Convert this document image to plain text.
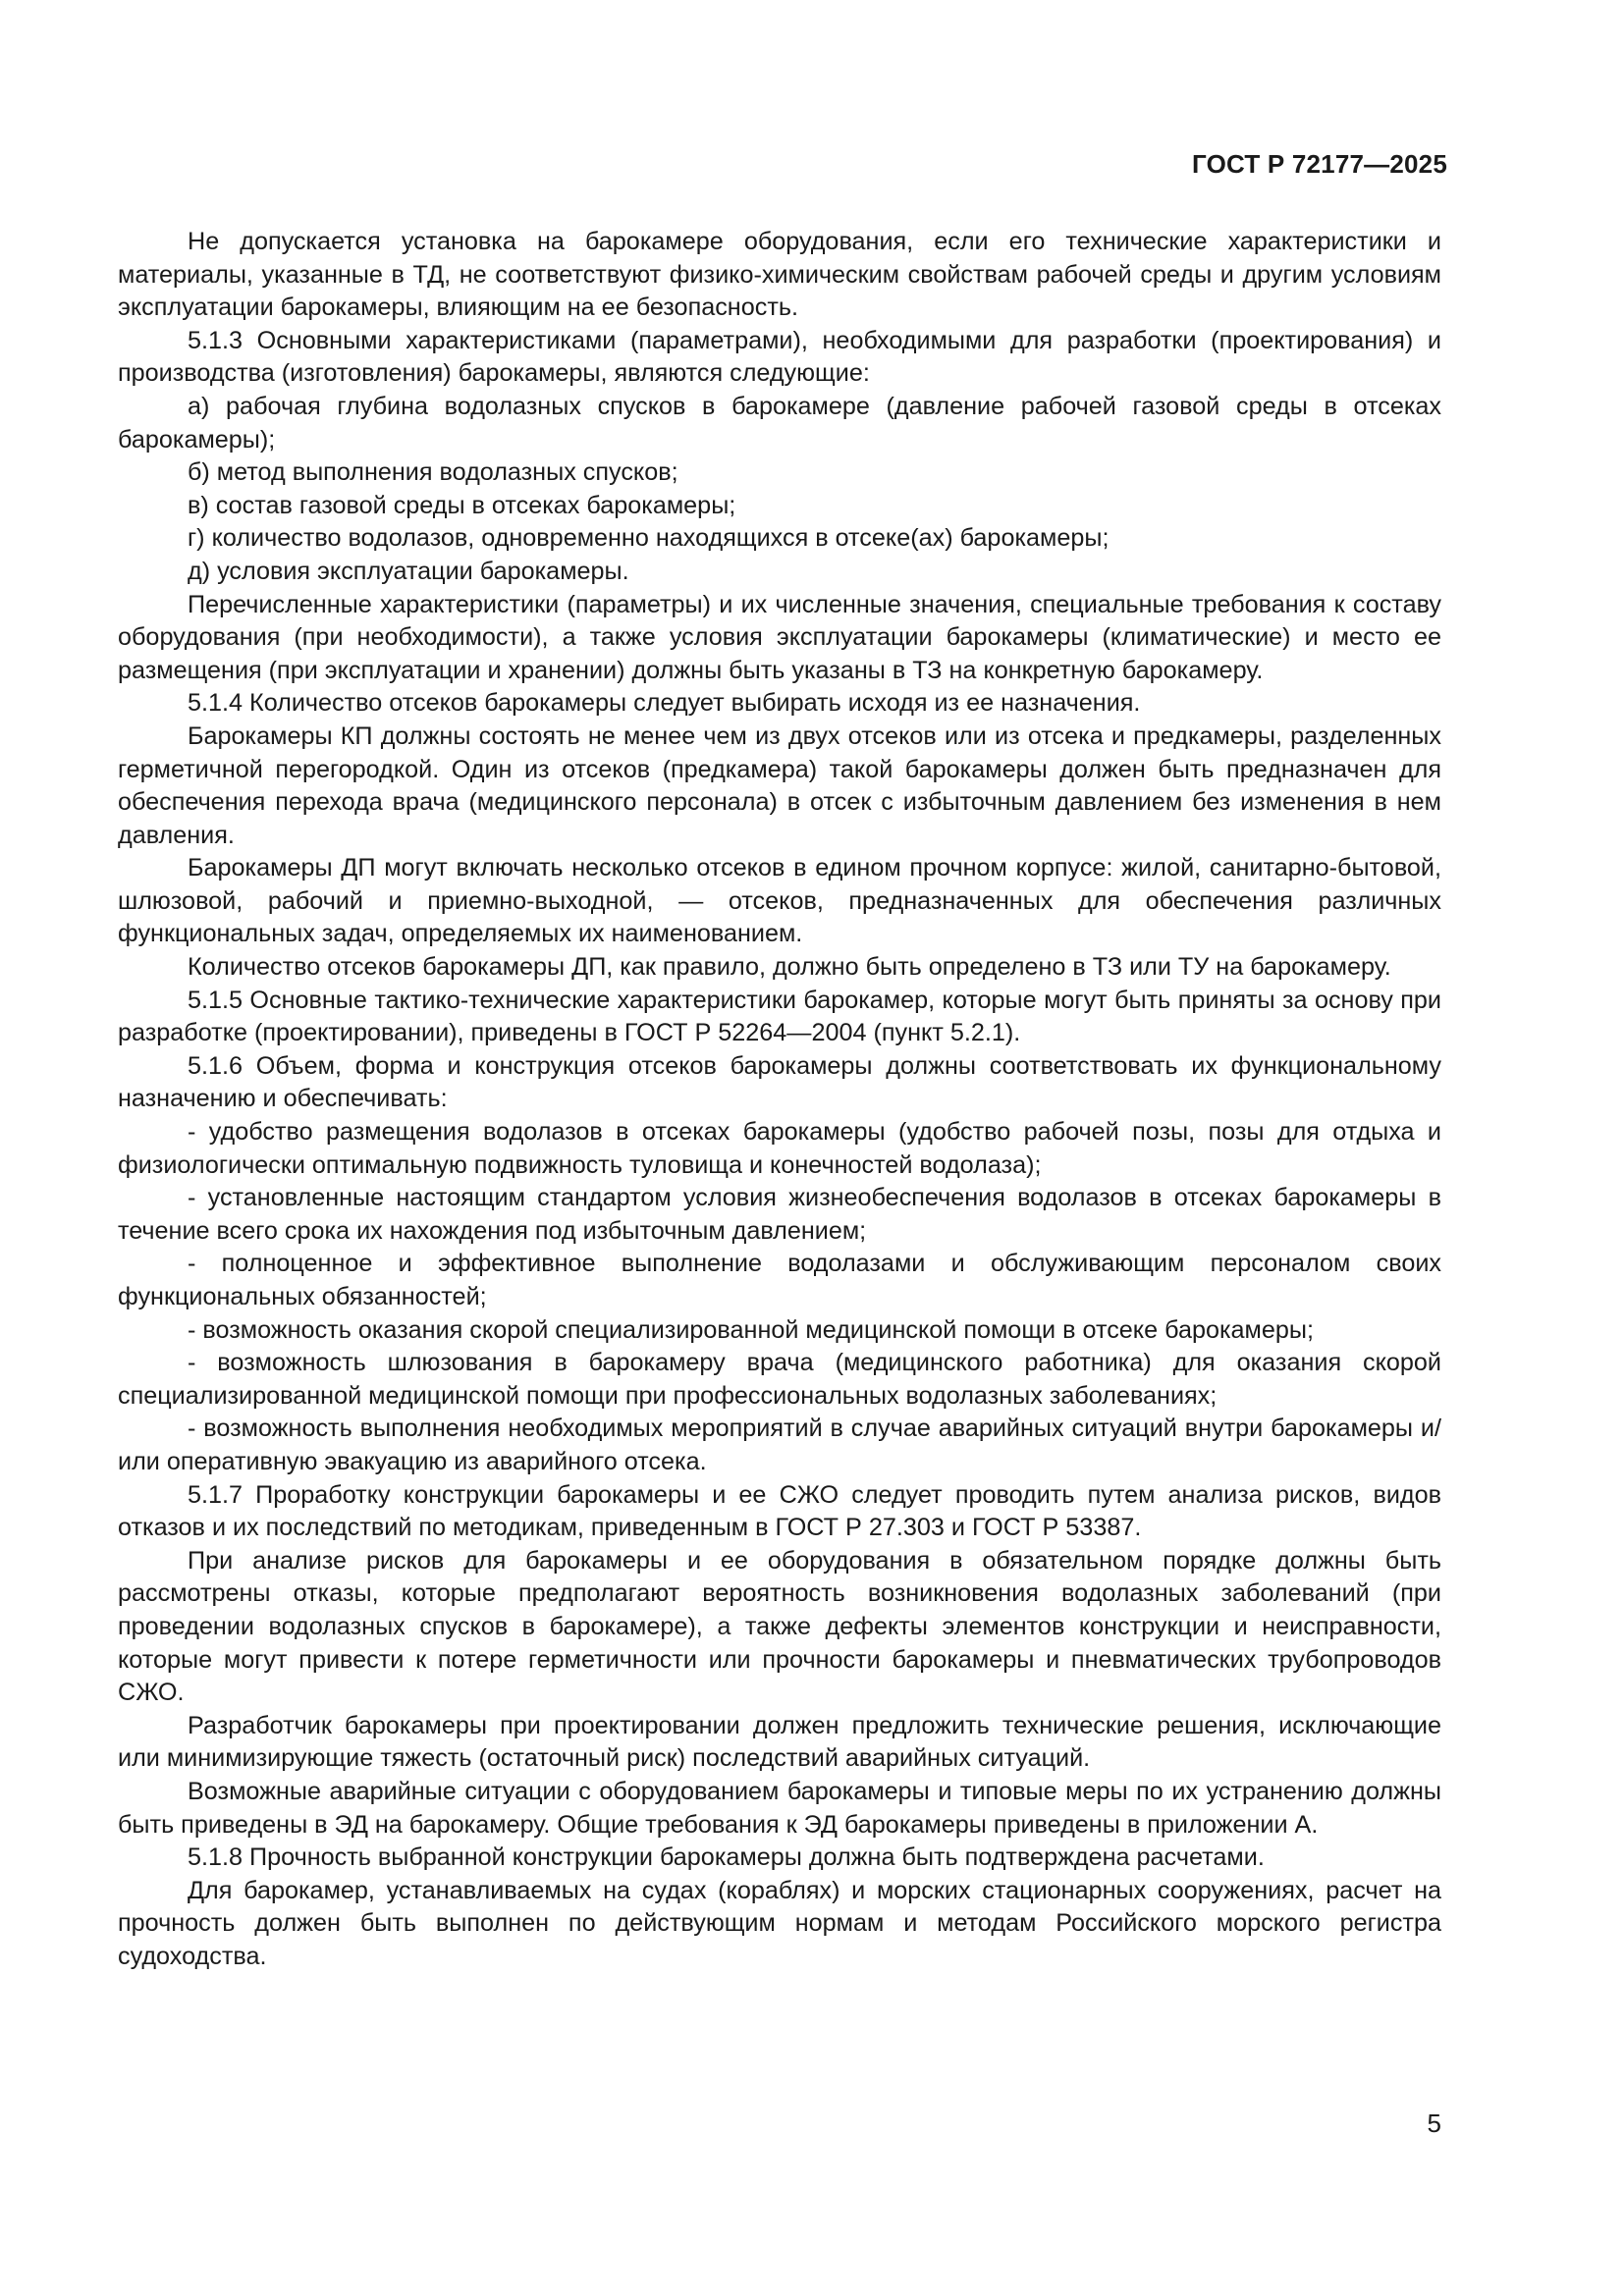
ГОСТ Р 72177—2025

Не допускается установка на барокамере оборудования, если его технические характеристики и материалы, указанные в ТД, не соответствуют физико-химическим свойствам рабочей среды и другим условиям эксплуатации барокамеры, влияющим на ее безопасность.

5.1.3 Основными характеристиками (параметрами), необходимыми для разработки (проектирования) и производства (изготовления) барокамеры, являются следующие:

а) рабочая глубина водолазных спусков в барокамере (давление рабочей газовой среды в отсеках барокамеры);

б) метод выполнения водолазных спусков;

в) состав газовой среды в отсеках барокамеры;

г) количество водолазов, одновременно находящихся в отсеке(ах) барокамеры;

д) условия эксплуатации барокамеры.

Перечисленные характеристики (параметры) и их численные значения, специальные требования к составу оборудования (при необходимости), а также условия эксплуатации барокамеры (климатические) и место ее размещения (при эксплуатации и хранении) должны быть указаны в ТЗ на конкретную барокамеру.

5.1.4 Количество отсеков барокамеры следует выбирать исходя из ее назначения.

Барокамеры КП должны состоять не менее чем из двух отсеков или из отсека и предкамеры, разделенных герметичной перегородкой. Один из отсеков (предкамера) такой барокамеры должен быть предназначен для обеспечения перехода врача (медицинского персонала) в отсек с избыточным давлением без изменения в нем давления.

Барокамеры ДП могут включать несколько отсеков в едином прочном корпусе: жилой, санитарно-бытовой, шлюзовой, рабочий и приемно-выходной, — отсеков, предназначенных для обеспечения различных функциональных задач, определяемых их наименованием.

Количество отсеков барокамеры ДП, как правило, должно быть определено в ТЗ или ТУ на барокамеру.

5.1.5 Основные тактико-технические характеристики барокамер, которые могут быть приняты за основу при разработке (проектировании), приведены в ГОСТ Р 52264—2004 (пункт 5.2.1).

5.1.6 Объем, форма и конструкция отсеков барокамеры должны соответствовать их функциональному назначению и обеспечивать:

- удобство размещения водолазов в отсеках барокамеры (удобство рабочей позы, позы для отдыха и физиологически оптимальную подвижность туловища и конечностей водолаза);

- установленные настоящим стандартом условия жизнеобеспечения водолазов в отсеках барокамеры в течение всего срока их нахождения под избыточным давлением;

- полноценное и эффективное выполнение водолазами и обслуживающим персоналом своих функциональных обязанностей;

- возможность оказания скорой специализированной медицинской помощи в отсеке барокамеры;

- возможность шлюзования в барокамеру врача (медицинского работника) для оказания скорой специализированной медицинской помощи при профессиональных водолазных заболеваниях;

- возможность выполнения необходимых мероприятий в случае аварийных ситуаций внутри барокамеры и/или оперативную эвакуацию из аварийного отсека.

5.1.7 Проработку конструкции барокамеры и ее СЖО следует проводить путем анализа рисков, видов отказов и их последствий по методикам, приведенным в ГОСТ Р 27.303 и ГОСТ Р 53387.

При анализе рисков для барокамеры и ее оборудования в обязательном порядке должны быть рассмотрены отказы, которые предполагают вероятность возникновения водолазных заболеваний (при проведении водолазных спусков в барокамере), а также дефекты элементов конструкции и неисправности, которые могут привести к потере герметичности или прочности барокамеры и пневматических трубопроводов СЖО.

Разработчик барокамеры при проектировании должен предложить технические решения, исключающие или минимизирующие тяжесть (остаточный риск) последствий аварийных ситуаций.

Возможные аварийные ситуации с оборудованием барокамеры и типовые меры по их устранению должны быть приведены в ЭД на барокамеру. Общие требования к ЭД барокамеры приведены в приложении А.

5.1.8 Прочность выбранной конструкции барокамеры должна быть подтверждена расчетами.

Для барокамер, устанавливаемых на судах (кораблях) и морских стационарных сооружениях, расчет на прочность должен быть выполнен по действующим нормам и методам Российского морского регистра судоходства.

5
